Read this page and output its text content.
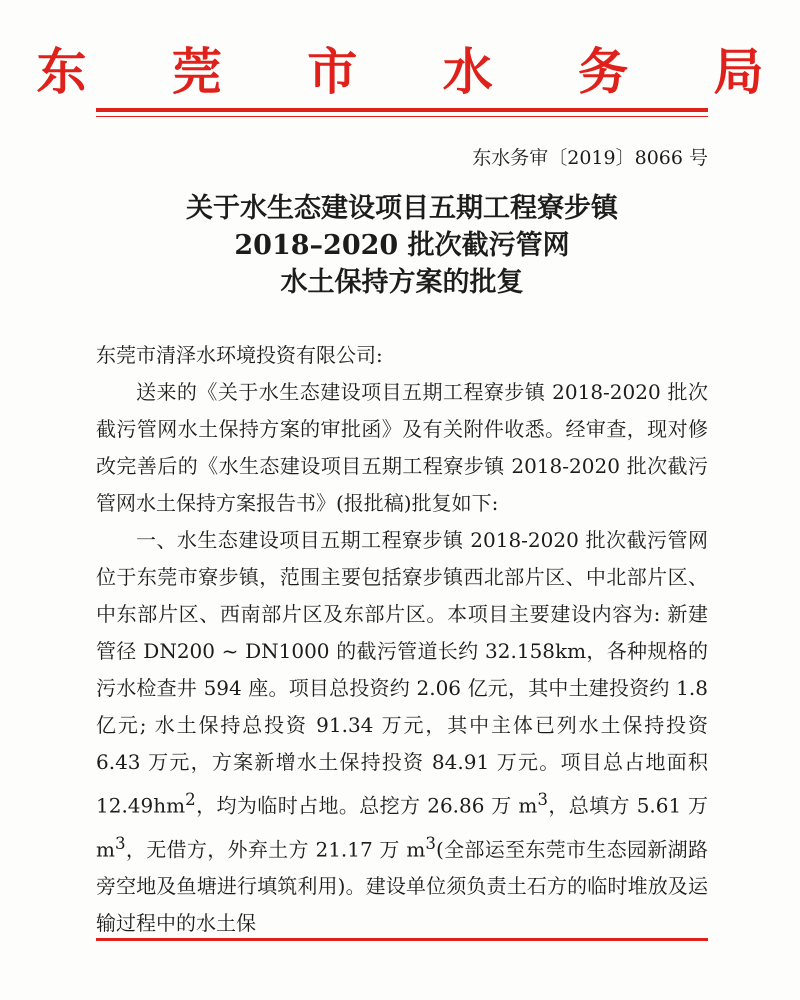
东 莞 市 水 务 局
东水务审〔2019〕8066 号
关于水生态建设项目五期工程寮步镇
2018–2020 批次截污管网
水土保持方案的批复

东莞市清泽水环境投资有限公司:

送来的《关于水生态建设项目五期工程寮步镇 2018-2020 批次截污管网水土保持方案的审批函》及有关附件收悉。经审查，现对修改完善后的《水生态建设项目五期工程寮步镇 2018-2020 批次截污管网水土保持方案报告书》(报批稿)批复如下:

一、水生态建设项目五期工程寮步镇 2018-2020 批次截污管网位于东莞市寮步镇，范围主要包括寮步镇西北部片区、中北部片区、中东部片区、西南部片区及东部片区。本项目主要建设内容为: 新建管径 DN200 ~ DN1000 的截污管道长约 32.158km，各种规格的污水检查井 594 座。项目总投资约 2.06 亿元，其中土建投资约 1.8 亿元; 水土保持总投资 91.34 万元，其中主体已列水土保持投资 6.43 万元，方案新增水土保持投资 84.91 万元。项目总占地面积 $12.49hm^2$，均为临时占地。总挖方 26.86 万 $m^3$，总填方 5.61 万 $m^3$，无借方，外弃土方 21.17 万 $m^3$(全部运至东莞市生态园新湖路旁空地及鱼塘进行填筑利用)。建设单位须负责土石方的临时堆放及运输过程中的水土保
